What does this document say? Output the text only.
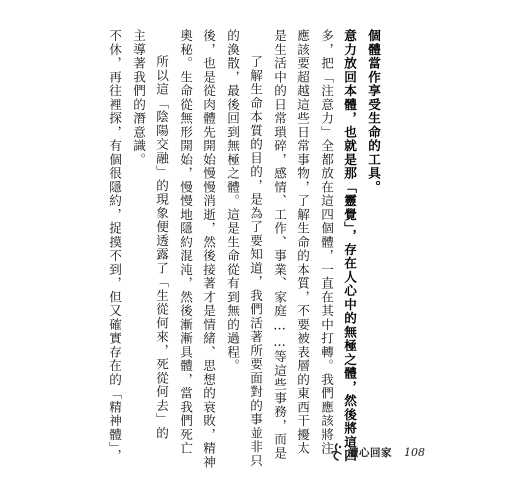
不休，再往裡探，有個很隱約，捉摸不到，但又確實存在的「精神體」， 主導著我們的潛意識。 所以這「陰陽交融」的現象便透露了「生從何來，死從何去」的 奧秘。生命從無形開始，慢慢地隱約混沌，然後漸漸具體，當我們死亡 後，也是從肉體先開始慢慢消逝，然後接著才是情緒、思想的衰敗，精神 的渙散，最後回到無極之體。這是生命從有到無的過程。 了解生命本質的目的，是為了要知道，我們活著所要面對的事並非只 是生活中的日常瑣碎，感情、工作、事業、家庭……等這些事務，而是 應該要超越這些日常事物，了解生命的本質，不要被表層的東西干擾太 多，把「注意力」全都放在這四個體，一直在其中打轉。我們應該將注 意力放回本體，也就是那「靈覺」，存在人心中的無極之體，然後將這四 個體當作享受生命的工具。
讀心回家 108
